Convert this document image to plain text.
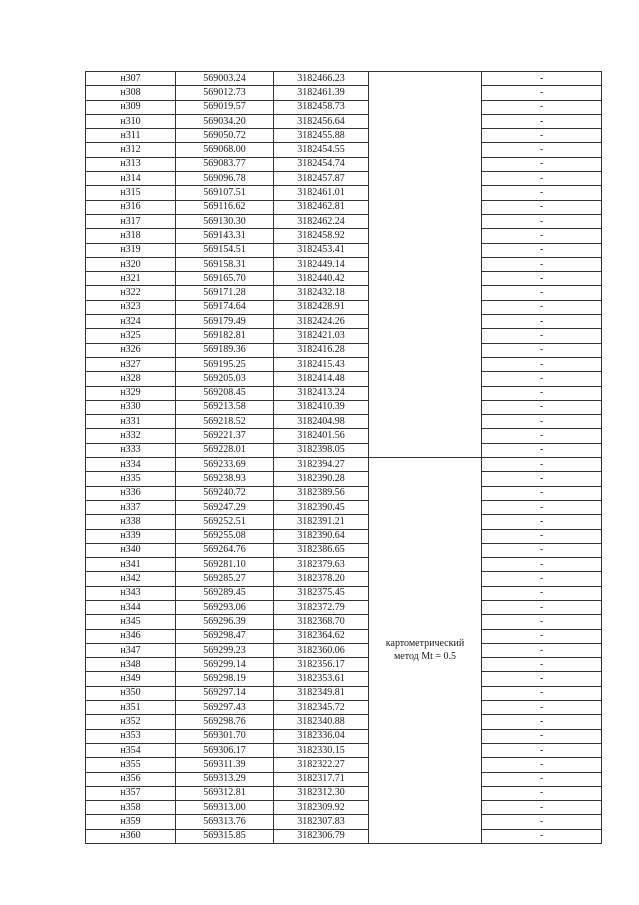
н307	569003.24	3182466.23		-
н308	569012.73	3182461.39		-
н309	569019.57	3182458.73		-
н310	569034.20	3182456.64		-
н311	569050.72	3182455.88		-
н312	569068.00	3182454.55		-
н313	569083.77	3182454.74		-
н314	569096.78	3182457.87		-
н315	569107.51	3182461.01		-
н316	569116.62	3182462.81		-
н317	569130.30	3182462.24		-
н318	569143.31	3182458.92		-
н319	569154.51	3182453.41		-
н320	569158.31	3182449.14		-
н321	569165.70	3182440.42		-
н322	569171.28	3182432.18		-
н323	569174.64	3182428.91		-
н324	569179.49	3182424.26		-
н325	569182.81	3182421.03		-
н326	569189.36	3182416.28		-
н327	569195.25	3182415.43		-
н328	569205.03	3182414.48		-
н329	569208.45	3182413.24		-
н330	569213.58	3182410.39		-
н331	569218.52	3182404.98		-
н332	569221.37	3182401.56		-
н333	569228.01	3182398.05		-
н334	569233.69	3182394.27	картометрический
метод Mt = 0.5	-
н335	569238.93	3182390.28		-
н336	569240.72	3182389.56		-
н337	569247.29	3182390.45		-
н338	569252.51	3182391.21		-
н339	569255.08	3182390.64		-
н340	569264.76	3182386.65		-
н341	569281.10	3182379.63		-
н342	569285.27	3182378.20		-
н343	569289.45	3182375.45		-
н344	569293.06	3182372.79		-
н345	569296.39	3182368.70		-
н346	569298.47	3182364.62		-
н347	569299.23	3182360.06		-
н348	569299.14	3182356.17		-
н349	569298.19	3182353.61		-
н350	569297.14	3182349.81		-
н351	569297.43	3182345.72		-
н352	569298.76	3182340.88		-
н353	569301.70	3182336.04		-
н354	569306.17	3182330.15		-
н355	569311.39	3182322.27		-
н356	569313.29	3182317.71		-
н357	569312.81	3182312.30		-
н358	569313.00	3182309.92		-
н359	569313.76	3182307.83		-
н360	569315.85	3182306.79		-
